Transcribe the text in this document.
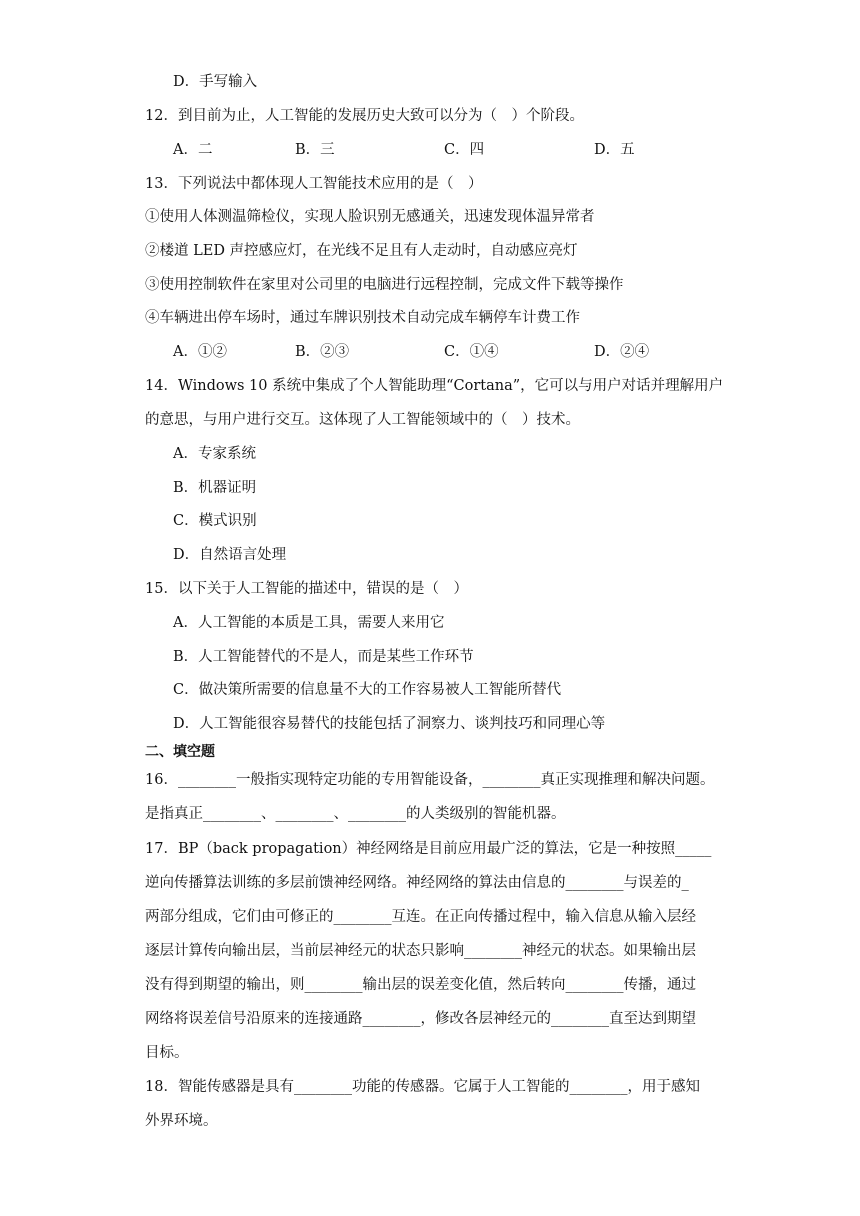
D．手写输入
12．到目前为止，人工智能的发展历史大致可以分为（　）个阶段。
A．二	B．三	C．四	D．五
13．下列说法中都体现人工智能技术应用的是（　）
①使用人体测温筛检仪，实现人脸识别无感通关，迅速发现体温异常者
②楼道 LED 声控感应灯，在光线不足且有人走动时，自动感应亮灯
③使用控制软件在家里对公司里的电脑进行远程控制，完成文件下载等操作
④车辆进出停车场时，通过车牌识别技术自动完成车辆停车计费工作
A．①②	B．②③	C．①④	D．②④
14．Windows 10 系统中集成了个人智能助理“Cortana”，它可以与用户对话并理解用户
的意思，与用户进行交互。这体现了人工智能领域中的（　）技术。
A．专家系统
B．机器证明
C．模式识别
D．自然语言处理
15．以下关于人工智能的描述中，错误的是（　）
A．人工智能的本质是工具，需要人来用它
B．人工智能替代的不是人，而是某些工作环节
C．做决策所需要的信息量不大的工作容易被人工智能所替代
D．人工智能很容易替代的技能包括了洞察力、谈判技巧和同理心等
二、填空题
16．________一般指实现特定功能的专用智能设备，________真正实现推理和解决问题。
是指真正________、________、________的人类级别的智能机器。
17．BP（back propagation）神经网络是目前应用最广泛的算法，它是一种按照_____
逆向传播算法训练的多层前馈神经网络。神经网络的算法由信息的________与误差的_
两部分组成，它们由可修正的________互连。在正向传播过程中，输入信息从输入层经
逐层计算传向输出层，当前层神经元的状态只影响________神经元的状态。如果输出层
没有得到期望的输出，则________输出层的误差变化值，然后转向________传播，通过
网络将误差信号沿原来的连接通路________，修改各层神经元的________直至达到期望
目标。
18．智能传感器是具有________功能的传感器。它属于人工智能的________，用于感知
外界环境。
